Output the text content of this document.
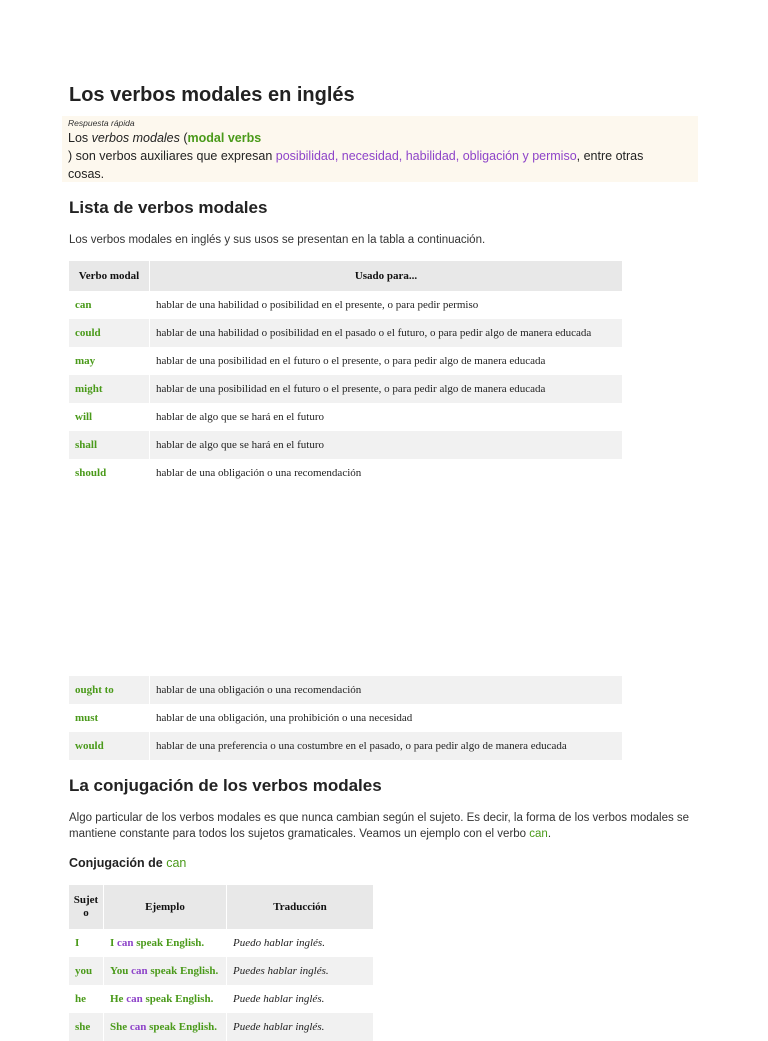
Los verbos modales en inglés
Respuesta rápida
Los verbos modales (modal verbs
) son verbos auxiliares que expresan posibilidad, necesidad, habilidad, obligación y permiso, entre otras
cosas.
Lista de verbos modales

Los verbos modales en inglés y sus usos se presentan en la tabla a continuación.

Verbo modal	Usado para...
can	hablar de una habilidad o posibilidad en el presente, o para pedir permiso
could	hablar de una habilidad o posibilidad en el pasado o el futuro, o para pedir algo de manera educada
may	hablar de una posibilidad en el futuro o el presente, o para pedir algo de manera educada
might	hablar de una posibilidad en el futuro o el presente, o para pedir algo de manera educada
will	hablar de algo que se hará en el futuro
shall	hablar de algo que se hará en el futuro
should	hablar de una obligación o una recomendación
ought to	hablar de una obligación o una recomendación
must	hablar de una obligación, una prohibición o una necesidad
would	hablar de una preferencia o una costumbre en el pasado, o para pedir algo de manera educada
La conjugación de los verbos modales

Algo particular de los verbos modales es que nunca cambian según el sujeto. Es decir, la forma de los verbos modales se
mantiene constante para todos los sujetos gramaticales. Veamos un ejemplo con el verbo can.

Conjugación de can
Sujet
o	Ejemplo	Traducción
I	I can speak English.	Puedo hablar inglés.
you	You can speak English.	Puedes hablar inglés.
he	He can speak English.	Puede hablar inglés.
she	She can speak English.	Puede hablar inglés.
